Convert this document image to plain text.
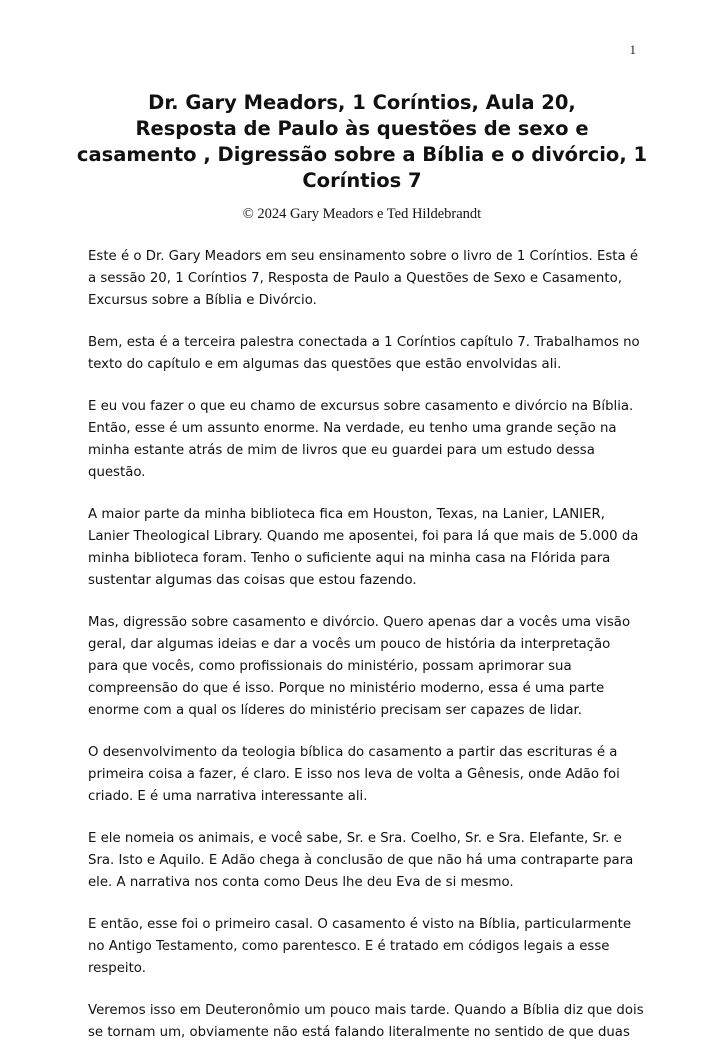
1
Dr. Gary Meadors, 1 Coríntios, Aula 20,
Resposta de Paulo às questões de sexo e
casamento , Digressão sobre a Bíblia e o divórcio, 1
Coríntios 7

© 2024 Gary Meadors e Ted Hildebrandt

Este é o Dr. Gary Meadors em seu ensinamento sobre o livro de 1 Coríntios. Esta é a sessão 20, 1 Coríntios 7, Resposta de Paulo a Questões de Sexo e Casamento, Excursus sobre a Bíblia e Divórcio.

Bem, esta é a terceira palestra conectada a 1 Coríntios capítulo 7. Trabalhamos no texto do capítulo e em algumas das questões que estão envolvidas ali.

E eu vou fazer o que eu chamo de excursus sobre casamento e divórcio na Bíblia. Então, esse é um assunto enorme. Na verdade, eu tenho uma grande seção na minha estante atrás de mim de livros que eu guardei para um estudo dessa questão.

A maior parte da minha biblioteca fica em Houston, Texas, na Lanier, LANIER, Lanier Theological Library. Quando me aposentei, foi para lá que mais de 5.000 da minha biblioteca foram. Tenho o suficiente aqui na minha casa na Flórida para sustentar algumas das coisas que estou fazendo.

Mas, digressão sobre casamento e divórcio. Quero apenas dar a vocês uma visão geral, dar algumas ideias e dar a vocês um pouco de história da interpretação para que vocês, como profissionais do ministério, possam aprimorar sua compreensão do que é isso. Porque no ministério moderno, essa é uma parte enorme com a qual os líderes do ministério precisam ser capazes de lidar.

O desenvolvimento da teologia bíblica do casamento a partir das escrituras é a primeira coisa a fazer, é claro. E isso nos leva de volta a Gênesis, onde Adão foi criado. E é uma narrativa interessante ali.

E ele nomeia os animais, e você sabe, Sr. e Sra. Coelho, Sr. e Sra. Elefante, Sr. e Sra. Isto e Aquilo. E Adão chega à conclusão de que não há uma contraparte para ele. A narrativa nos conta como Deus lhe deu Eva de si mesmo.

E então, esse foi o primeiro casal. O casamento é visto na Bíblia, particularmente no Antigo Testamento, como parentesco. E é tratado em códigos legais a esse respeito.

Veremos isso em Deuteronômio um pouco mais tarde. Quando a Bíblia diz que dois se tornam um, obviamente não está falando literalmente no sentido de que duas
